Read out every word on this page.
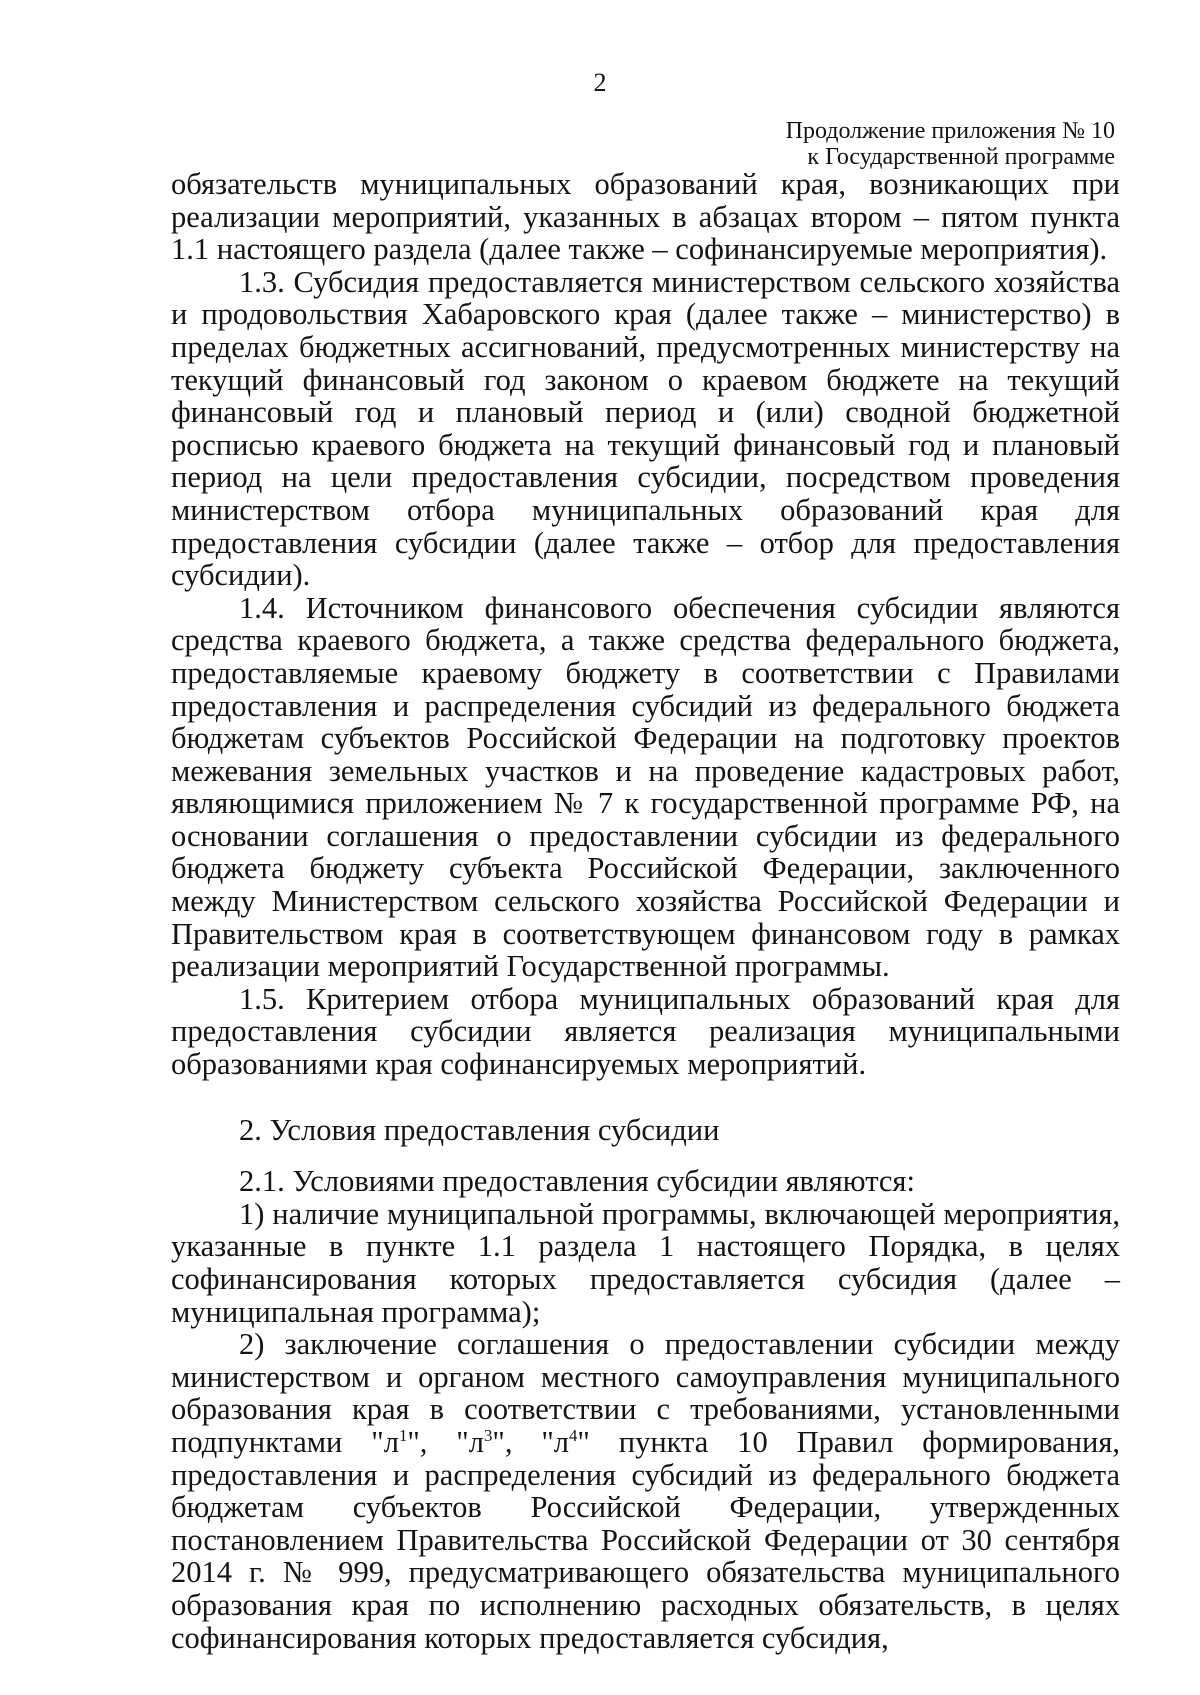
2
Продолжение приложения № 10
к Государственной программе

обязательств муниципальных образований края, возникающих при реализации мероприятий, указанных в абзацах втором – пятом пункта 1.1 настоящего раздела (далее также – софинансируемые мероприятия).

1.3. Субсидия предоставляется министерством сельского хозяйства и продовольствия Хабаровского края (далее также – министерство) в пределах бюджетных ассигнований, предусмотренных министерству на текущий финансовый год законом о краевом бюджете на текущий финансовый год и плановый период и (или) сводной бюджетной росписью краевого бюджета на текущий финансовый год и плановый период на цели предоставления субсидии, посредством проведения министерством отбора муниципальных образований края для предоставления субсидии (далее также – отбор для предоставления субсидии).

1.4. Источником финансового обеспечения субсидии являются средства краевого бюджета, а также средства федерального бюджета, предоставляемые краевому бюджету в соответствии с Правилами предоставления и распределения субсидий из федерального бюджета бюджетам субъектов Российской Федерации на подготовку проектов межевания земельных участков и на проведение кадастровых работ, являющимися приложением № 7 к государственной программе РФ, на основании соглашения о предоставлении субсидии из федерального бюджета бюджету субъекта Российской Федерации, заключенного между Министерством сельского хозяйства Российской Федерации и Правительством края в соответствующем финансовом году в рамках реализации мероприятий Государственной программы.

1.5. Критерием отбора муниципальных образований края для предоставления субсидии является реализация муниципальными образованиями края софинансируемых мероприятий.

2. Условия предоставления субсидии

2.1. Условиями предоставления субсидии являются:

1) наличие муниципальной программы, включающей мероприятия, указанные в пункте 1.1 раздела 1 настоящего Порядка, в целях софинансирования которых предоставляется субсидия (далее – муниципальная программа);

2) заключение соглашения о предоставлении субсидии между министерством и органом местного самоуправления муниципального образования края в соответствии с требованиями, установленными подпунктами "$л^1$", "$л^3$", "$л^4$" пункта 10 Правил формирования, предоставления и распределения субсидий из федерального бюджета бюджетам субъектов Российской Федерации, утвержденных постановлением Правительства Российской Федерации от 30 сентября 2014 г. № 999, предусматривающего обязательства муниципального образования края по исполнению расходных обязательств, в целях софинансирования которых предоставляется субсидия,
